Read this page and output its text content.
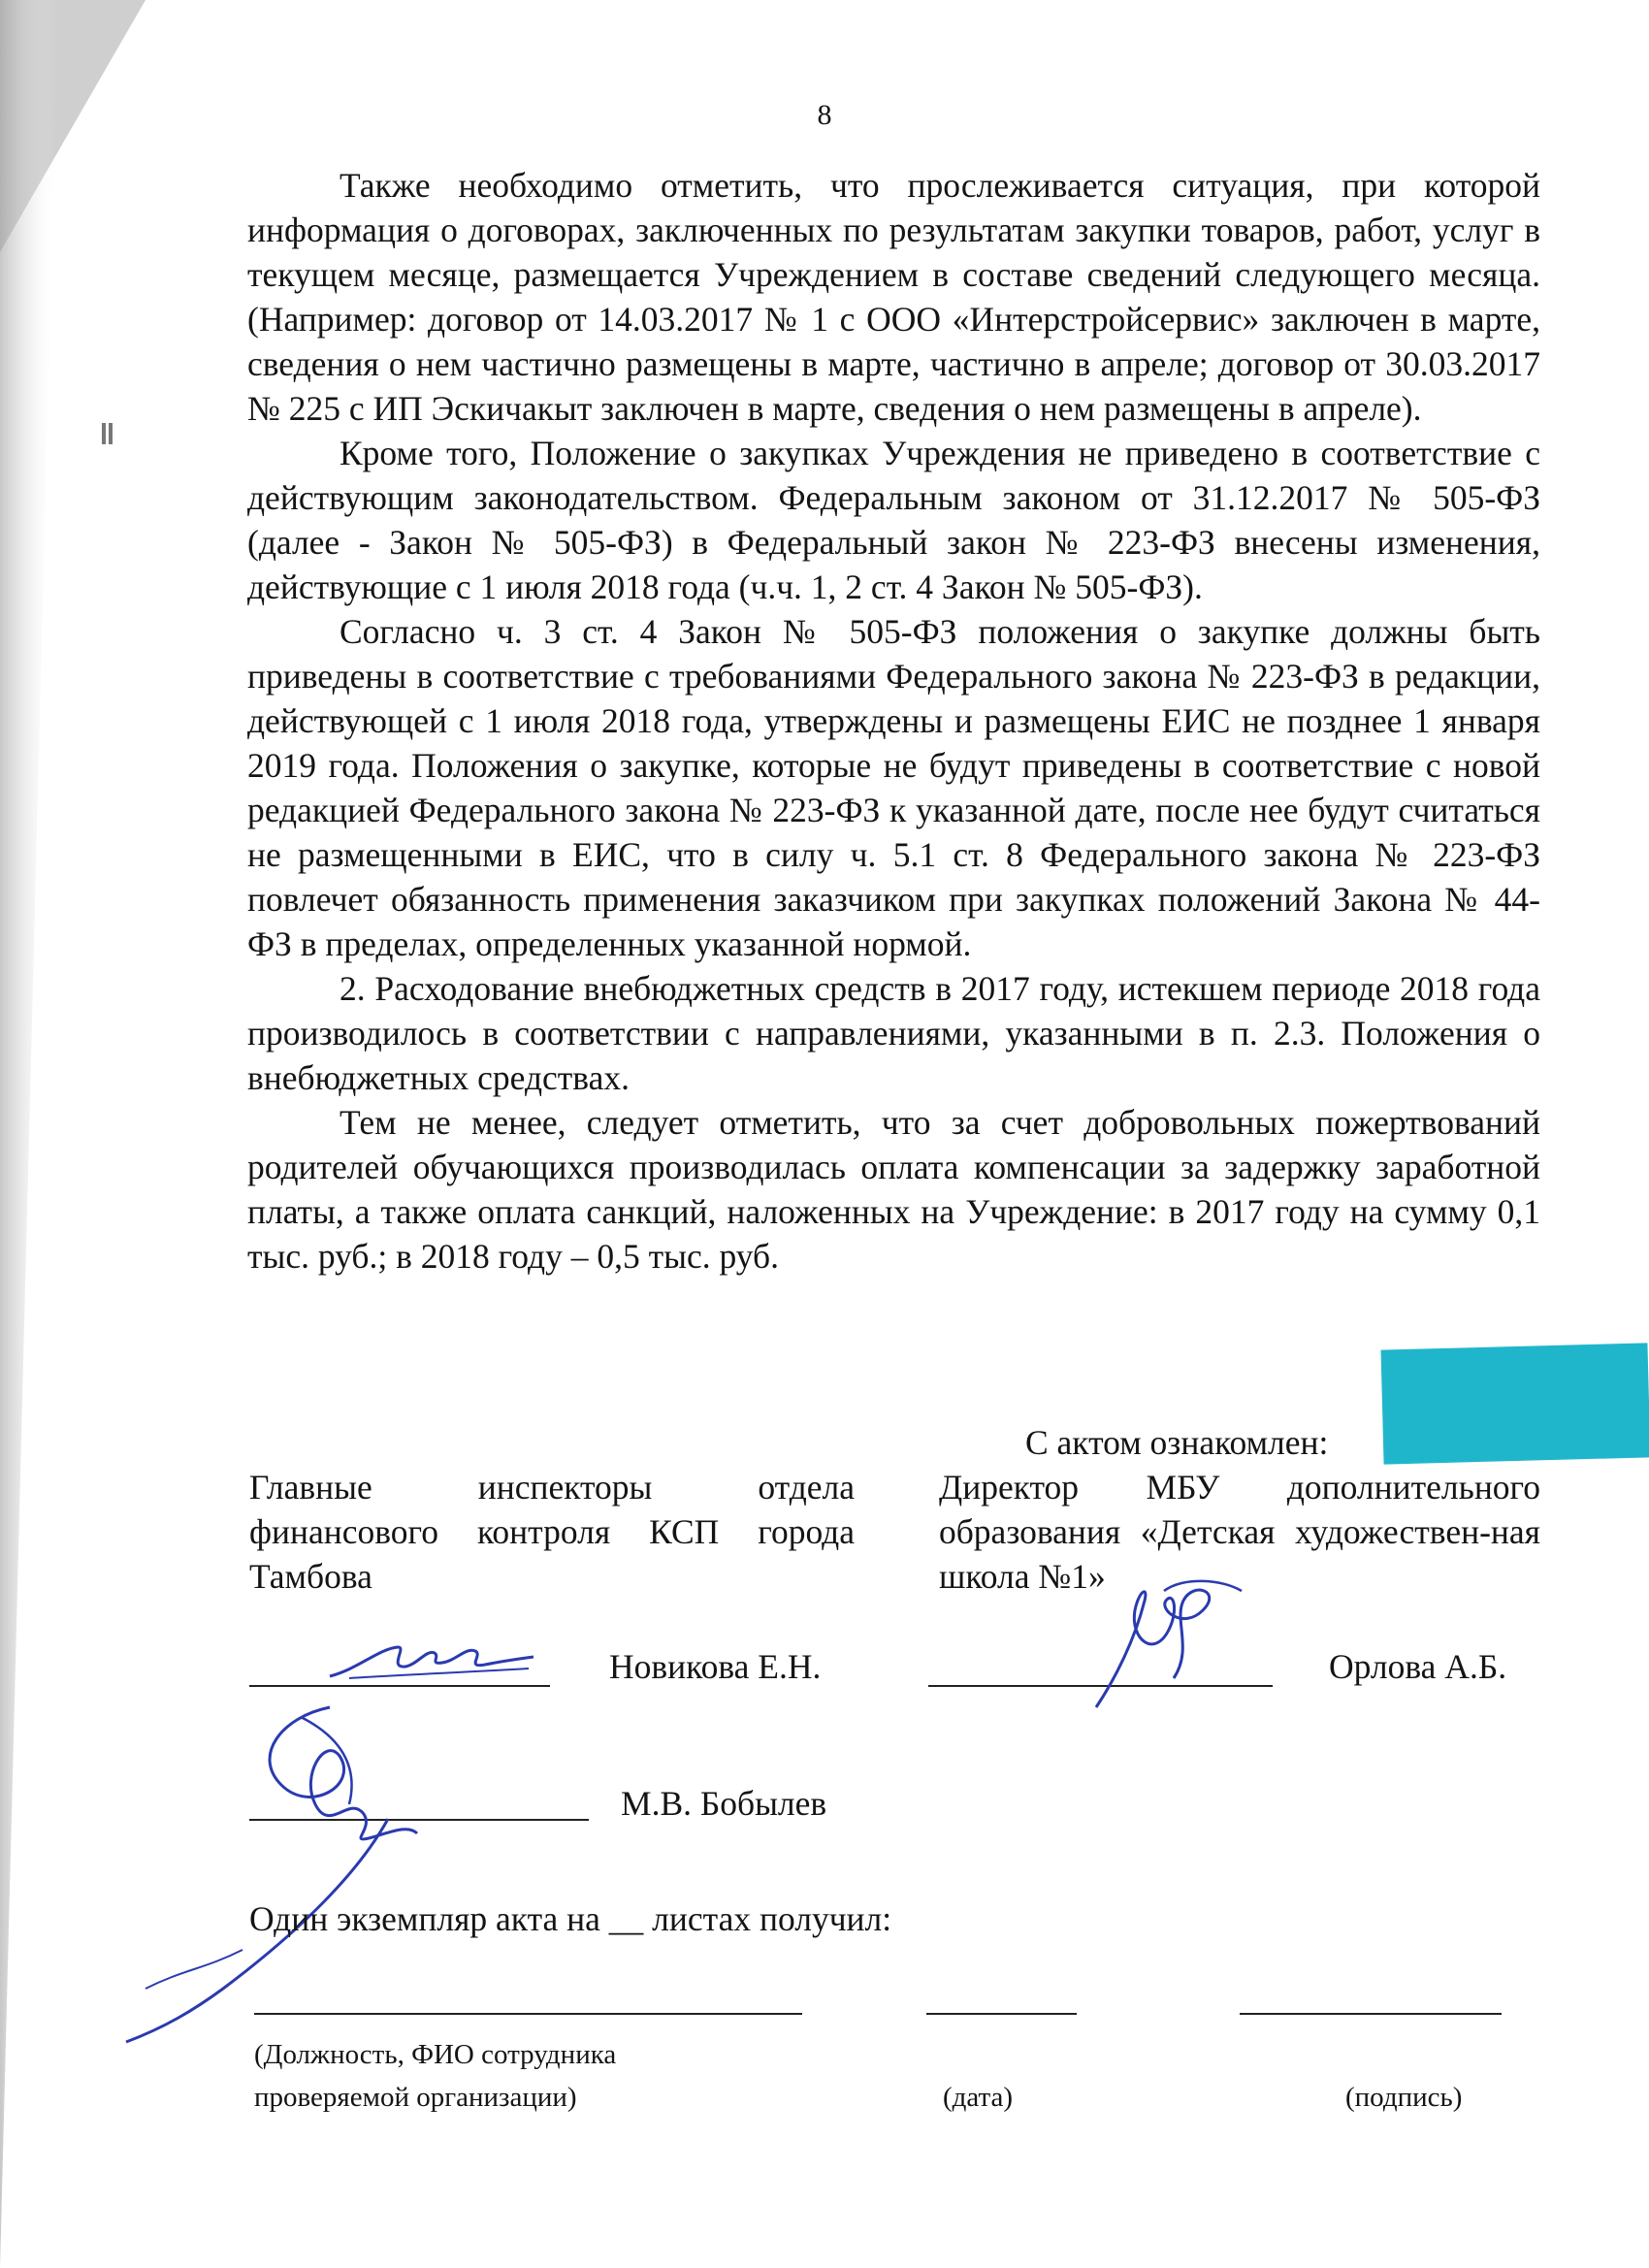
8

Также необходимо отметить, что прослеживается ситуация, при которой информация о договорах, заключенных по результатам закупки товаров, работ, услуг в текущем месяце, размещается Учреждением в составе сведений следующего месяца. (Например: договор от 14.03.2017 № 1 с ООО «Интерстройсервис» заключен в марте, сведения о нем частично размещены в марте, частично в апреле; договор от 30.03.2017 № 225 с ИП Эскичакыт заключен в марте, сведения о нем размещены в апреле).

Кроме того, Положение о закупках Учреждения не приведено в соответствие с действующим законодательством. Федеральным законом от 31.12.2017 № 505-ФЗ (далее - Закон № 505-ФЗ) в Федеральный закон № 223-ФЗ внесены изменения, действующие с 1 июля 2018 года (ч.ч. 1, 2 ст. 4 Закон № 505-ФЗ).

Согласно ч. 3 ст. 4 Закон № 505-ФЗ положения о закупке должны быть приведены в соответствие с требованиями Федерального закона № 223-ФЗ в редакции, действующей с 1 июля 2018 года, утверждены и размещены ЕИС не позднее 1 января 2019 года. Положения о закупке, которые не будут приведены в соответствие с новой редакцией Федерального закона № 223-ФЗ к указанной дате, после нее будут считаться не размещенными в ЕИС, что в силу ч. 5.1 ст. 8 Федерального закона № 223-ФЗ повлечет обязанность применения заказчиком при закупках положений Закона № 44-ФЗ в пределах, определенных указанной нормой.

2. Расходование внебюджетных средств в 2017 году, истекшем периоде 2018 года производилось в соответствии с направлениями, указанными в п. 2.3. Положения о внебюджетных средствах.

Тем не менее, следует отметить, что за счет добровольных пожертвований родителей обучающихся производилась оплата компенсации за задержку заработной платы, а также оплата санкций, наложенных на Учреждение: в 2017 году на сумму 0,1 тыс. руб.; в 2018 году – 0,5 тыс. руб.

С актом ознакомлен:
Главные инспекторы отдела финансового контроля КСП города Тамбова
Директор МБУ дополнительного образования «Детская художествен-ная школа №1»
Новикова Е.Н.	Орлова А.Б.
М.В. Бобылев
Один экземпляр акта на __ листах получил:
(Должность, ФИО сотрудника
проверяемой организации)	(дата)	(подпись)
